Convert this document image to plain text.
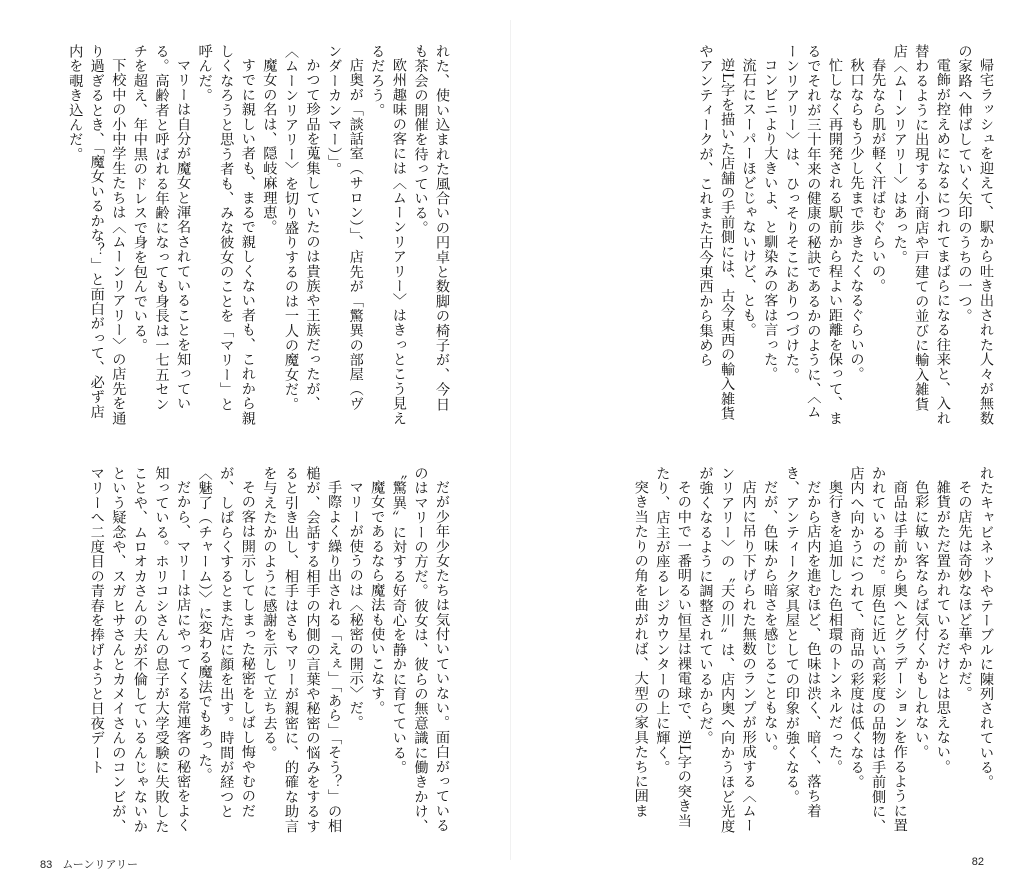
れた、使い込まれた風合いの円卓と数脚の椅子が、今日も茶会の開催を待っている。

欧州趣味の客には〈ムーンリアリー〉はきっとこう見えるだろう。

店奥が「談話室（サロン）」、店先が「驚異の部屋（ヴンダーカンマー）」。

かつて珍品を蒐集していたのは貴族や王族だったが、〈ムーンリアリー〉を切り盛りするのは一人の魔女だ。

魔女の名は、隠岐麻理恵。

すでに親しい者も、まるで親しくない者も、これから親しくなろうと思う者も、みな彼女のことを「マリー」と呼んだ。

マリーは自分が魔女と渾名されていることを知っている。高齢者と呼ばれる年齢になっても身長は一七五センチを超え、年中黒のドレスで身を包んでいる。

下校中の小中学生たちは〈ムーンリアリー〉の店先を通り過ぎるとき、「魔女いるかな？」と面白がって、必ず店内を覗き込んだ。

だが少年少女たちは気付いていない。面白がっているのはマリーの方だ。彼女は、彼らの無意識に働きかけ、〝驚異〟に対する好奇心を静かに育てている。

魔女であるなら魔法も使いこなす。

マリーが使うのは〈秘密の開示〉だ。

手際よく繰り出される「えぇ」「あら」「そう？」の相槌が、会話する相手の内側の言葉や秘密の悩みをするすると引き出し、相手はさもマリーが親密に、的確な助言を与えたかのように感謝を示して立ち去る。

その客は開示してしまった秘密をしばし悔やむのだが、しばらくするとまた店に顔を出す。時間が経つと〈魅了（チャーム）〉に変わる魔法でもあった。

だから、マリーは店にやってくる常連客の秘密をよく知っている。ホリコシさんの息子が大学受験に失敗したことや、ムロオカさんの夫が不倫しているんじゃないかという疑念や、スガヒサさんとカメイさんのコンビが、マリーへ二度目の青春を捧げようと日夜デート

83 ムーンリアリー

帰宅ラッシュを迎えて、駅から吐き出された人々が無数の家路へ伸ばしていく矢印のうちの一つ。

電飾が控えめになるにつれてまばらになる往来と、入れ替わるように出現する小商店や戸建ての並びに輸入雑貨店〈ムーンリアリー〉はあった。

春先なら肌が軽く汗ばむぐらいの。

秋口ならもう少し先まで歩きたくなるぐらいの。

忙しなく再開発される駅前から程よい距離を保って、まるでそれが三十年来の健康の秘訣であるかのように、〈ムーンリアリー〉は、ひっそりそこにありつづけた。

コンビニより大きいよ、と馴染みの客は言った。

流石にスーパーほどじゃないけど、とも。

逆L字を描いた店舗の手前側には、古今東西の輸入雑貨やアンティークが、これまた古今東西から集めら

れたキャビネットやテーブルに陳列されている。

その店先は奇妙なほど華やかだ。

雑貨がただ置かれているだけとは思えない。

色彩に敏い客ならば気付くかもしれない。

商品は手前から奥へとグラデーションを作るように置かれているのだ。原色に近い高彩度の品物は手前側に、店内へ向かうにつれて、商品の彩度は低くなる。

奥行きを追加した色相環のトンネルだった。

だから店内を進むほど、色味は渋く、暗く、落ち着き、アンティーク家具屋としての印象が強くなる。

だが、色味から暗さを感じることもない。

店内に吊り下げられた無数のランプが形成する〈ムーンリアリー〉の〝天の川〟は、店内奥へ向かうほど光度が強くなるように調整されているからだ。

その中で一番明るい恒星は裸電球で、逆L字の突き当たり、店主が座るレジカウンターの上に輝く。

突き当たりの角を曲がれば、大型の家具たちに囲ま

82
